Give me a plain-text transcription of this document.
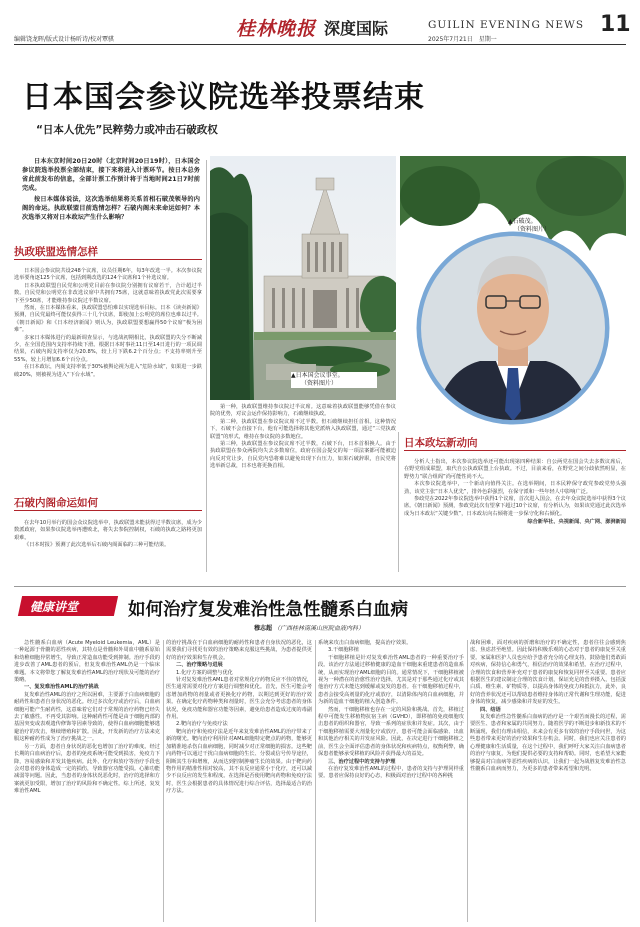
编辑饶龙晖/版式设计杨昕诗/校对覃骐	桂林晚报 深度国际	GUILIN EVENING NEWS
2025年7月21日　星期一
11
日本国会参议院选举投票结束
“日本人优先”民粹势力或冲击石破政权

日本东京时间20日20时（北京时间20日19时），日本国会参议院选举投票全部结束，接下来将进入计票环节。按日本总务省此前发布的信息，全部计票工作预计将于当地时间21日7时前完成。

按日本媒体说法，这次选举结果将关系首相石破茂领导的内阁的命运。执政联盟目前选情怎样？石破内阁未来命运如何？本次选举又将对日本政坛产生什么影响？

执政联盟选情怎样

日本国会参议院共设248个议席，议员任期6年，每3年改选一半。本次参议院选举要角逐125个议席，包括到期改选的124个议席和1个补选议席。

日本执政联盟自民党和公明党目前在参议院分别拥有议席若干，合计超过半数。自民党和公明党在非改选议席中共拥有75席，这就意味着执政党此次需要拿下至少50席，才能维持参议院过半数议席。

然而，在日本媒体看来，执政联盟恐怕难以实现选举目标。日本《读卖新闻》预测，自民党最终可能仅获得三十几个议席，即使加上公明党的席位也难以过半。《朝日新闻》和《日本经济新闻》则认为，执政联盟要想赢得50个议席“极为困难”。

多家日本媒体进行的最新调查显示，与选战初期相比，执政联盟的失分不断减少，在全国范围内支持率持续下滑。根据日本时事社11日至14日进行的一项民调结果，石破内阁支持率仅为20.8%，较上月下跌6.2个百分点；不支持率则升至55%，较上月增加6.6个百分点。

在日本政坛，内阁支持率低于30%被舆论视为进入“危险水域”，如果进一步跌破20%，则被视为进入“下台水域”。

石破内阁命运如何

在去年10月举行的国会众议院选举中，执政联盟未能获得过半数议席，成为少数派政府，如果参议院选举再遭败北，将失去参院控制权，石破的执政之路将更加艰难。

《日本时报》预测了此次选举后石破内阁面临的三种可能结果。

▲日本国会议事堂。
（资料图片）
▲石破茂。
（资料图片）

第一种，执政联盟维持参议院过半议席。这意味着执政联盟能够凭借在参议院的优势，对议会运作保持影响力，石破继续执政。

第二种，执政联盟在参议院议席不过半数。但石破继续担任首相。这种情况下，石破不会直接下台，他有可能选择将其他党派纳入执政联盟，通过“三党执政联盟”的形式，维持在参议院的多数地位。

第三种，执政联盟在参议院议席不过半数，石破下台，日本首相换人。由于执政联盟在参众两院均失去多数席位，政府在国会提交的每一项法案都可能被迫向反对党让步，自民党内恐将难以避免出现下台压力，如果石破辞职，自民党将选举新总裁，日本也将更换首相。

日本政坛新动向

分析人士指出，本次参议院选举还可能出现第四种结果：自公两党在国会失去多数议席后，在野党组成联盟，取代自公执政联盟上台执政。不过，目前来看，在野党之间分歧依然明显，在野势力“联合组阁”尚可能性尚不大。

本次参议院选举中，一个新动向值得关注。在选举期间，日本民粹保守政党参政党势头强劲，该党主张“日本人优先”，排外色彩强烈，在保守派和一些年轻人中影响广泛。

参政党在2022年参议院选举中获得1个议席，首次进入国会，在去年众议院选举中获得3个议席。《朝日新闻》预测，参政党此次有望拿下超过10个议席，有分析认为，如果该党通过此次选举成为日本政坛“关键少数”，日本政坛向右倾将进一步保守化和右倾化。

综合新华社、央视新闻、央广网、澎湃新闻

健康讲堂	如何治疗复发难治性急性髓系白血病
穆志超 （广西桂林南溪山医院血液内科）

急性髓系白血病（Acute Myeloid Leukemia，AML）是一种起源于骨髓的恶性疾病，其特点是骨髓和外周血中髓系原始和幼稚细胞异常增生，导致正常造血功能受到抑制。治疗手段的进步改善了AML患者的预后，但复发难治性AML仍是一个临床难题。本文将带您了解复发难治性AML的治疗现状及可能的治疗策略。

一、复发难治性AML的治疗挑战

复发难治性AML的治疗之所以困难，主要源于白血病细胞的耐药性和患者自身状况的恶化。经过多次化疗或治疗后，白血病细胞可能产生耐药性，这意味着它们对于常规的治疗药物已经失去了敏感性。不再受其影响。这种耐药性可能是由于细胞内部的基因突变或表观遗传修饰等因素导致的，使得白血病细胞能够逃避治疗的攻击，继续增殖和扩散。因此，开发新的治疗方法来克服这种耐药性成为了治疗挑战之一。

另一方面，患者自身状况的恶化也增加了治疗的难度。经过长期的白血病治疗后，患者的免疫系统可能受到损害，免疫力下降，容易感染和并发其他疾病。此外，化疗和放疗等治疗手段也会对患者的身体造成一定的损伤，导致器官功能受损。心肺功能减弱等问题。因此，当患者的身体状况恶化时，治疗的选择和方案就更加受限，增加了治疗的风险和不确定性。综上所述，复发难治性AML

的治疗挑战在于白血病细胞的耐药性和患者自身状况的恶化，这需要我们寻找更有效的治疗策略来克服这些挑战，为患者提供更好的治疗效果和生存机会。

二、治疗策略与进展

1.化疗方案的调整与优化

针对复发难治性AML患者对常规化疗药物反应不佳的情况，医生通常需要对化疗方案进行调整和优化。首先，医生可能会考虑增加药物的剂量或者更换化疗药物，以期达到更好的治疗效果。在确定化疗药物种类和剂量时，医生会充分考虑患者的身体状况，免疫功能和器官功能等因素，避免给患者造成过度的毒副作用。

2.靶向治疗与免疫疗法

靶向治疗和免疫疗法是近年来复发难治性AML的治疗带来了新的曙光。靶向治疗利用针对AML细胞特定靶点的药物，能够更加精准地杀伤白血病细胞，同时减少对正常细胞的损害。这些靶向药物可以通过干扰白血病细胞的生长、分裂或信号传导途径，阻断其生存和增殖，从而达到控制肿瘤生长的效果。由于靶向药物作用的精准性相对较高，其不良反应通常小于化疗，还可以减少不良反应的发生和程度。在选择是否使用靶向药物和免疫疗法时，医生会根据患者的具体情况进行综合评估，选择最适合的治疗方法。

系统来攻击白血病细胞，提高治疗效果。

3.干细胞移植

干细胞移植是针对复发难治性AML患者的一种重要治疗手段。该治疗方法通过移植健康的造血干细胞来重建患者的造血系统，从而实现治疗AML细胞的目的。通常情况下，干细胞移植被视为一种潜在的治愈性治疗选择，尤其是对于那些通过化疗或其他治疗方式未能达到缓解或复发的患者。在干细胞移植过程中，患者会接受高剂量的化疗或放疗，以清除体内的白血病细胞，并为新的造血干细胞的植入创造条件。

然而，干细胞移植也存在一定的风险和挑战。首先，移植过程中可能发生移植物抗宿主病（GVHD），即移植的免疫细胞攻击患者的组织和器官，导致一系列的症状和并发症。其次，由于干细胞移植需要大剂量化疗或放疗，患者可能会面临感染、出血和其他治疗相关的并发症风险。因此，在决定进行干细胞移植之前，医生会全面评估患者的身体状况和疾病特点，权衡利弊，确保患者能够承受移植的风险并获得最大的益处。

三、治疗过程中的支持与护理

在治疗复发难治性AML的过程中，患者的支持与护理同样重要。患者应保持良好的心态，积极面对治疗过程中的各种挑

战和困难，面对疾病的折磨和治疗的不确定性，患者往往会感到焦虑、焦虑甚至绝望。因此保持积极乐观的心态对于患者的康复至关重要。家属和医护人员也应给予患者充分的心理支持，鼓励他们勇敢面对疾病，保持信心和勇气，相信治疗的效果和希望。在治疗过程中，合理的饮食和营养补充对于患者的康复和恢复同样至关重要。患者应根据医生的建议制定合理的饮食计划，保证充足的营养摄入，包括蛋白质、维生素、矿物质等，以提高身体的免疫力和抵抗力，此外，良好的营养状况还可以帮助患者维持身体的正常代谢和生理功能，促进身体的恢复，减少感染和并发症的发生。

四、结语

复发难治性急性髓系白血病的治疗是一个艰苦而漫长的过程，需要医生、患者和家属的共同努力。随着医学的不断进步和新技术的不断涌现，我们有理由相信，未来会有更多有效的治疗手段问世，为这些患者带来更好的治疗效果和生存机会。同时，我们也应关注患者的心理健康和生活质量，在这个过程中，我们呼吁大家关注白血病患者的治疗与康复，为他们提供必要的支持和帮助。同时，也希望大家能够提高对白血病等恶性疾病的认识，让我们一起为战胜复发难治性急性髓系白血病而努力，为更多的患者带来希望和光明。
